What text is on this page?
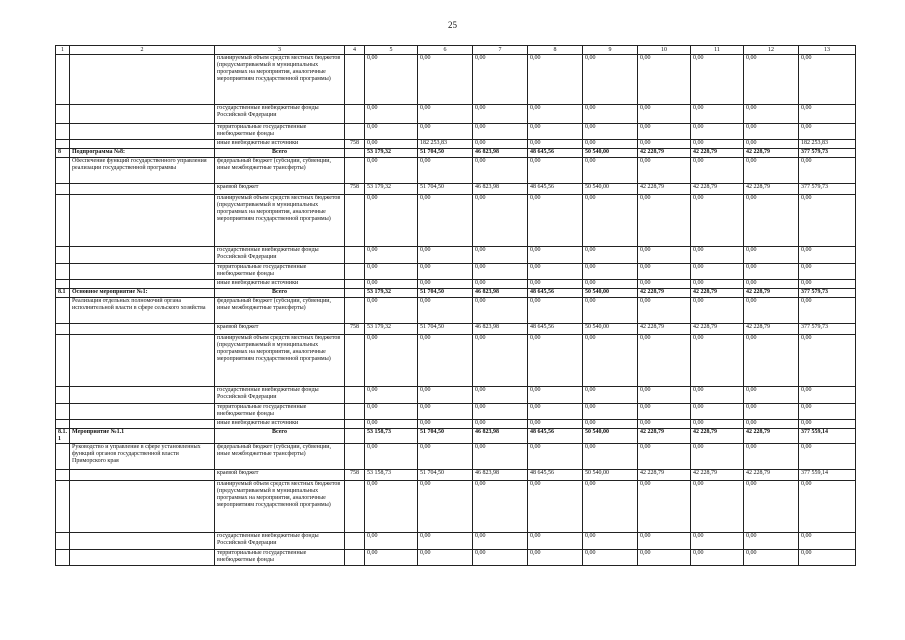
25
1	2	3	4	5	6	7	8	9	10	11	12	13
		планируемый объем средств местных бюджетов (предусматриваемый в муниципальных программах на мероприятия, аналогичные мероприятиям государственной программы)		0,00	0,00	0,00	0,00	0,00	0,00	0,00	0,00	0,00
		государственные внебюджетные фонды Российской Федерации		0,00	0,00	0,00	0,00	0,00	0,00	0,00	0,00	0,00
		территориальные государственные внебюджетные фонды		0,00	0,00	0,00	0,00	0,00	0,00	0,00	0,00	0,00
		иные внебюджетные источники	758	0,00	182 253,83	0,00	0,00	0,00	0,00	0,00	0,00	182 253,83
8	Подпрограмма №8:	Всего		53 179,32	51 704,50	46 823,98	48 645,56	50 540,00	42 228,79	42 228,79	42 228,79	377 579,73
	Обеспечение функций государственного управления реализации государственной программы	федеральный бюджет (субсидии, субвенции, иные межбюджетные трансферты)		0,00	0,00	0,00	0,00	0,00	0,00	0,00	0,00	0,00
		краевой бюджет	758	53 179,32	51 704,50	46 823,98	48 645,56	50 540,00	42 228,79	42 228,79	42 228,79	377 579,73
		планируемый объем средств местных бюджетов (предусматриваемый в муниципальных программах на мероприятия, аналогичные мероприятиям государственной программы)		0,00	0,00	0,00	0,00	0,00	0,00	0,00	0,00	0,00
		государственные внебюджетные фонды Российской Федерации		0,00	0,00	0,00	0,00	0,00	0,00	0,00	0,00	0,00
		территориальные государственные внебюджетные фонды		0,00	0,00	0,00	0,00	0,00	0,00	0,00	0,00	0,00
		иные внебюджетные источники		0,00	0,00	0,00	0,00	0,00	0,00	0,00	0,00	0,00
8.1	Основное мероприятие №1:	Всего		53 179,32	51 704,50	46 823,98	48 645,56	50 540,00	42 228,79	42 228,79	42 228,79	377 579,73
	Реализация отдельных полномочий органа исполнительной власти в сфере сельского хозяйства	федеральный бюджет (субсидии, субвенции, иные межбюджетные трансферты)		0,00	0,00	0,00	0,00	0,00	0,00	0,00	0,00	0,00
		краевой бюджет	758	53 179,32	51 704,50	46 823,98	48 645,56	50 540,00	42 228,79	42 228,79	42 228,79	377 579,73
		планируемый объем средств местных бюджетов (предусматриваемый в муниципальных программах на мероприятия, аналогичные мероприятиям государственной программы)		0,00	0,00	0,00	0,00	0,00	0,00	0,00	0,00	0,00
		государственные внебюджетные фонды Российской Федерации		0,00	0,00	0,00	0,00	0,00	0,00	0,00	0,00	0,00
		территориальные государственные внебюджетные фонды		0,00	0,00	0,00	0,00	0,00	0,00	0,00	0,00	0,00
		иные внебюджетные источники		0,00	0,00	0,00	0,00	0,00	0,00	0,00	0,00	0,00
8.1.1	Мероприятие №1.1	Всего		53 158,73	51 704,50	46 823,98	48 645,56	50 540,00	42 228,79	42 228,79	42 228,79	377 559,14
	Руководство и управление в сфере установленных функций органов государственной власти Приморского края	федеральный бюджет (субсидии, субвенции, иные межбюджетные трансферты)		0,00	0,00	0,00	0,00	0,00	0,00	0,00	0,00	0,00
		краевой бюджет	758	53 158,73	51 704,50	46 823,98	48 645,56	50 540,00	42 228,79	42 228,79	42 228,79	377 559,14
		планируемый объем средств местных бюджетов (предусматриваемый в муниципальных программах на мероприятия, аналогичные мероприятиям государственной программы)		0,00	0,00	0,00	0,00	0,00	0,00	0,00	0,00	0,00
		государственные внебюджетные фонды Российской Федерации		0,00	0,00	0,00	0,00	0,00	0,00	0,00	0,00	0,00
		территориальные государственные внебюджетные фонды		0,00	0,00	0,00	0,00	0,00	0,00	0,00	0,00	0,00
